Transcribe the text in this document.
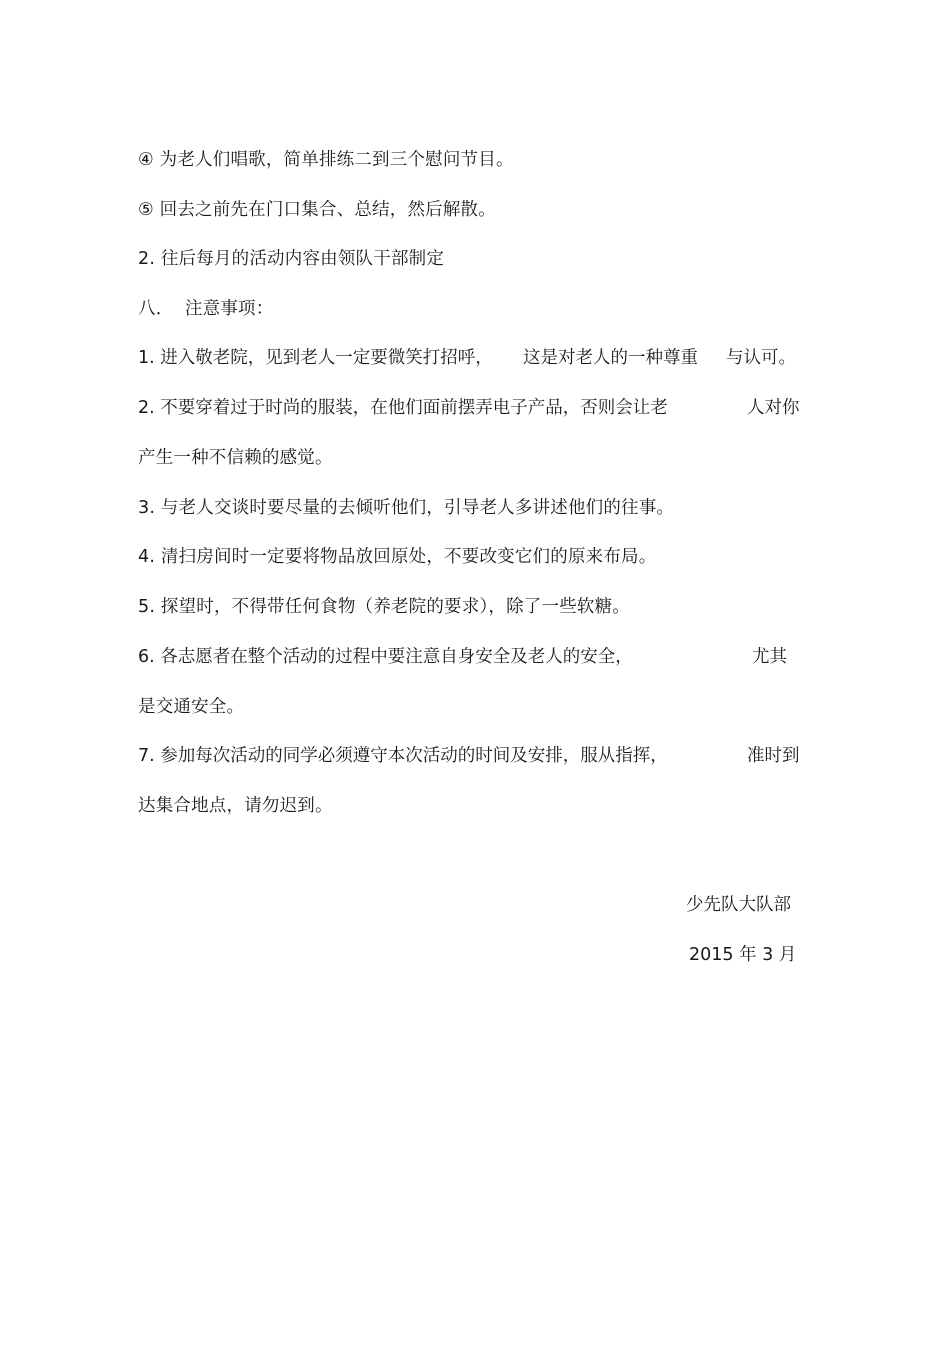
④ 为老人们唱歌，简单排练二到三个慰问节目。
⑤ 回去之前先在门口集合、总结，然后解散。
2. 往后每月的活动内容由领队干部制定
八．  注意事项：
1. 进入敬老院，见到老人一定要微笑打招呼， 这是对老人的一种尊重 与认可。
2. 不要穿着过于时尚的服装，在他们面前摆弄电子产品，否则会让老	人对你
产生一种不信赖的感觉。
3. 与老人交谈时要尽量的去倾听他们，引导老人多讲述他们的往事。
4. 清扫房间时一定要将物品放回原处，不要改变它们的原来布局。
5. 探望时，不得带任何食物（养老院的要求），除了一些软糖。
6. 各志愿者在整个活动的过程中要注意自身安全及老人的安全，	尤其
是交通安全。
7. 参加每次活动的同学必须遵守本次活动的时间及安排，服从指挥，	准时到
达集合地点，请勿迟到。
少先队大队部
2015 年 3 月
